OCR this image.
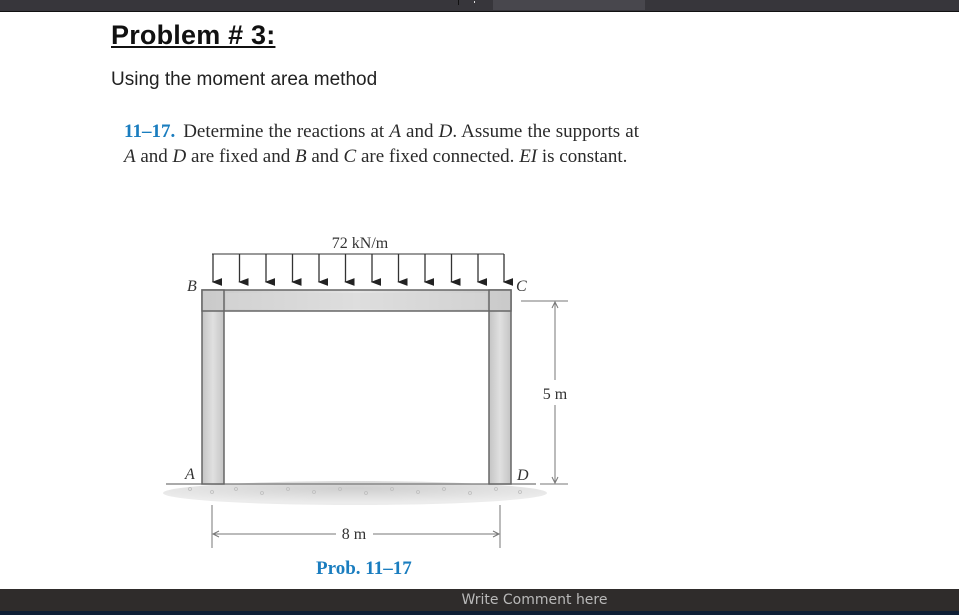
Problem # 3:
Using the moment area method
11–17. Determine the reactions at A and D. Assume the supports at A and D are fixed and B and C are fixed connected. EI is constant.
72 kN/m
B	C
A	D
5 m
8 m
Prob. 11–17
Write Comment here
